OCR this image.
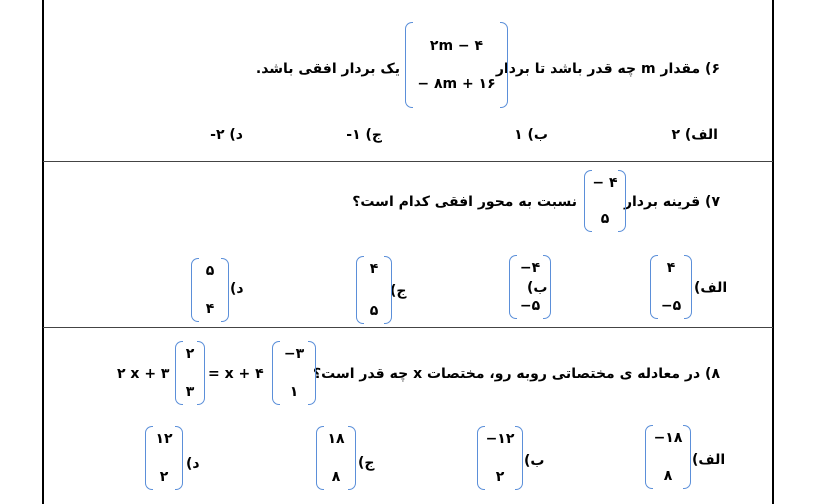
۶) مقدار m چه قدر باشد تا بردار
۲m − ۴
− ۸m + ۱۶
یک بردار افقی باشد.
الف) ۲
ب) ۱
ج) ۱-
د) ۲-
۷) قرینه بردار
− ۴
۵
نسبت به محور افقی کدام است؟
الف)
۴
−۵
ب)
−۴
−۵
ج)
۴
۵
د)
۵
۴
۸) در معادله ی مختصاتی روبه رو، مختصات x چه قدر است؟
۲ x + ۳
۲
۳
= x + ۴
−۳
۱
الف)
−۱۸
۸
ب)
−۱۲
۲
ج)
۱۸
۸
د)
۱۲
۲
